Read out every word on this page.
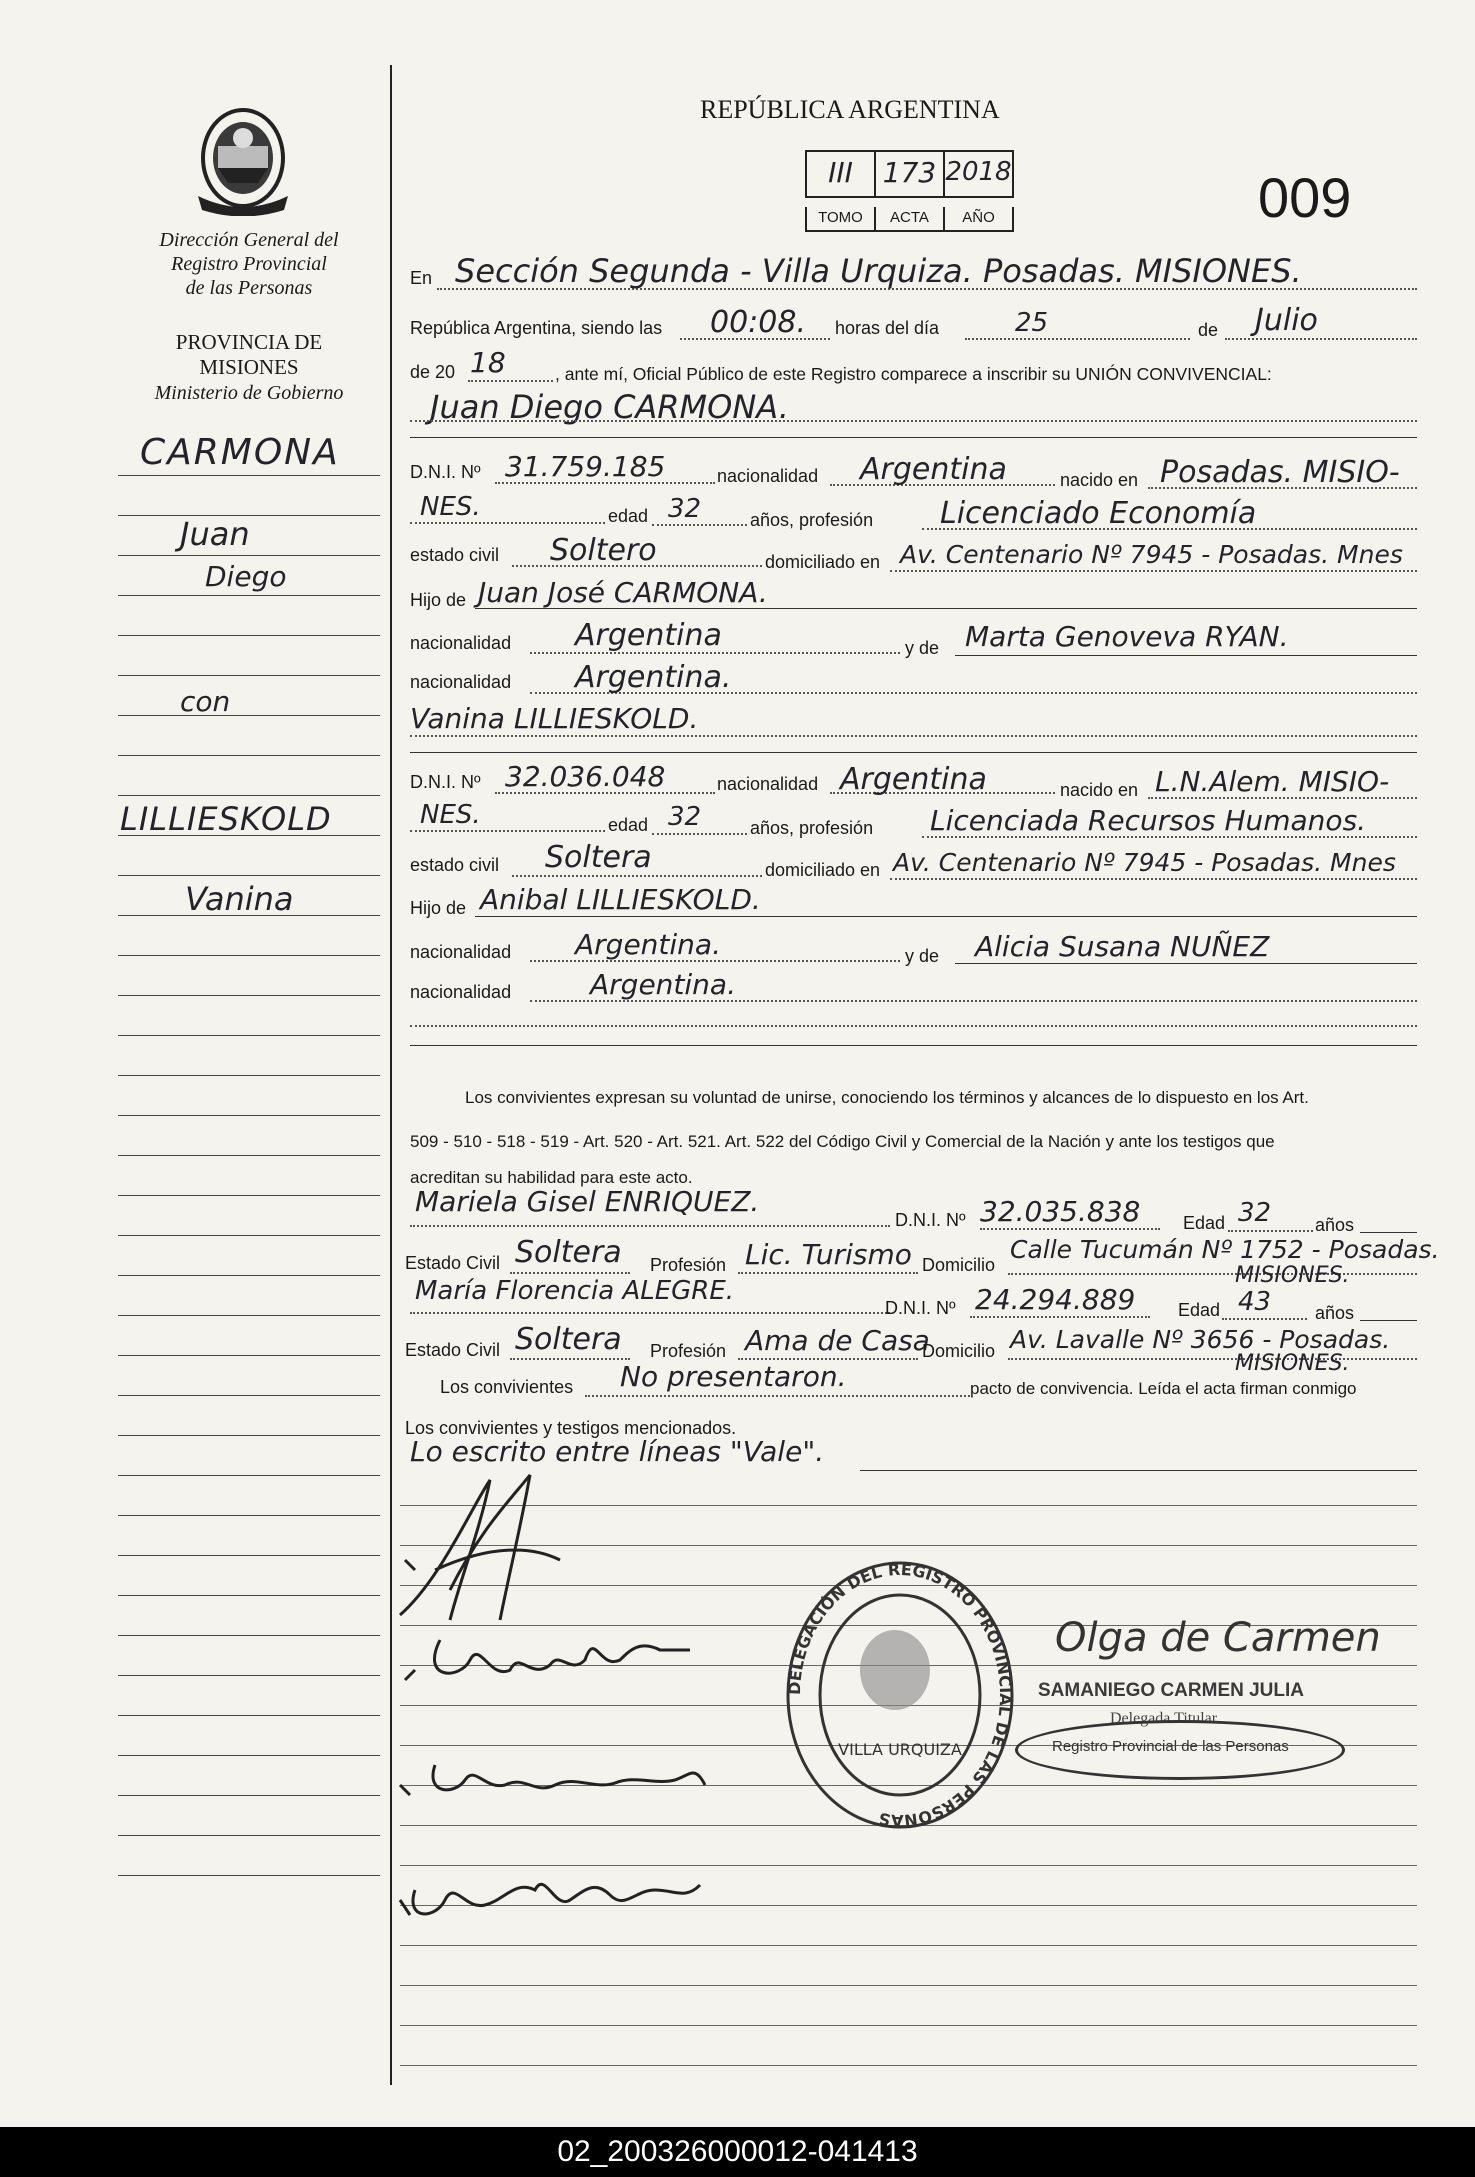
Dirección General del
Registro Provincial
de las Personas
PROVINCIA DE
MISIONES
Ministerio de Gobierno
CARMONA
Juan
Diego
con
LILLIESKOLD
Vanina
REPÚBLICA ARGENTINA
III	173 2018
TOMO	ACTA	AÑO	009
En Sección Segunda - Villa Urquiza. Posadas. MISIONES.
República Argentina, siendo las 00:08. horas del día	25	de Julio
de 20 18	, ante mí, Oficial Público de este Registro comparece a inscribir su UNIÓN CONVIVENCIAL:
Juan Diego CARMONA.
D.N.I. Nº 31.759.185	nacionalidad Argentina	nacido en Posadas. MISIO-
NES.	edad 32	años, profesión Licenciado Economía
estado civil Soltero	domiciliado en Av. Centenario Nº 7945 - Posadas. Mnes
Hijo de Juan José CARMONA.
nacionalidad Argentina	y de Marta Genoveva RYAN.
nacionalidad Argentina.
Vanina LILLIESKOLD.
D.N.I. Nº 32.036.048	nacionalidad Argentina	nacido en L.N.Alem. MISIO-
NES.	edad 32	años, profesión Licenciada Recursos Humanos.
estado civil Soltera	domiciliado en Av. Centenario Nº 7945 - Posadas. Mnes
Hijo de Anibal LILLIESKOLD.
nacionalidad Argentina.	y de Alicia Susana NUÑEZ
nacionalidad	Argentina.
Los convivientes expresan su voluntad de unirse, conociendo los términos y alcances de lo dispuesto en los Art.
509 - 510 - 518 - 519 - Art. 520 - Art. 521. Art. 522 del Código Civil y Comercial de la Nación y ante los testigos que
acreditan su habilidad para este acto.
Mariela Gisel ENRIQUEZ.
D.N.I. Nº 32.035.838 Edad 32 años
Estado Civil Soltera Profesión Lic. Turismo Domicilio
Calle Tucumán Nº 1752 - Posadas.
MISIONES.
María Florencia ALEGRE.
D.N.I. Nº 24.294.889 Edad 43 años
Estado Civil Soltera Profesión Ama de Casa
Domicilio Av. Lavalle Nº 3656 - Posadas.
MISIONES.
Los convivientes No presentaron.	pacto de convivencia. Leída el acta firman conmigo
Los convivientes y testigos mencionados.
Lo escrito entre líneas "Vale".
DELEGACIÓN DEL REGISTRO PROVINCIAL DE LAS PERSONAS
VILLA URQUIZA
Olga de Carmen
SAMANIEGO CARMEN JULIA
Delegada Titular
Registro Provincial de las Personas
02_200326000012-041413
